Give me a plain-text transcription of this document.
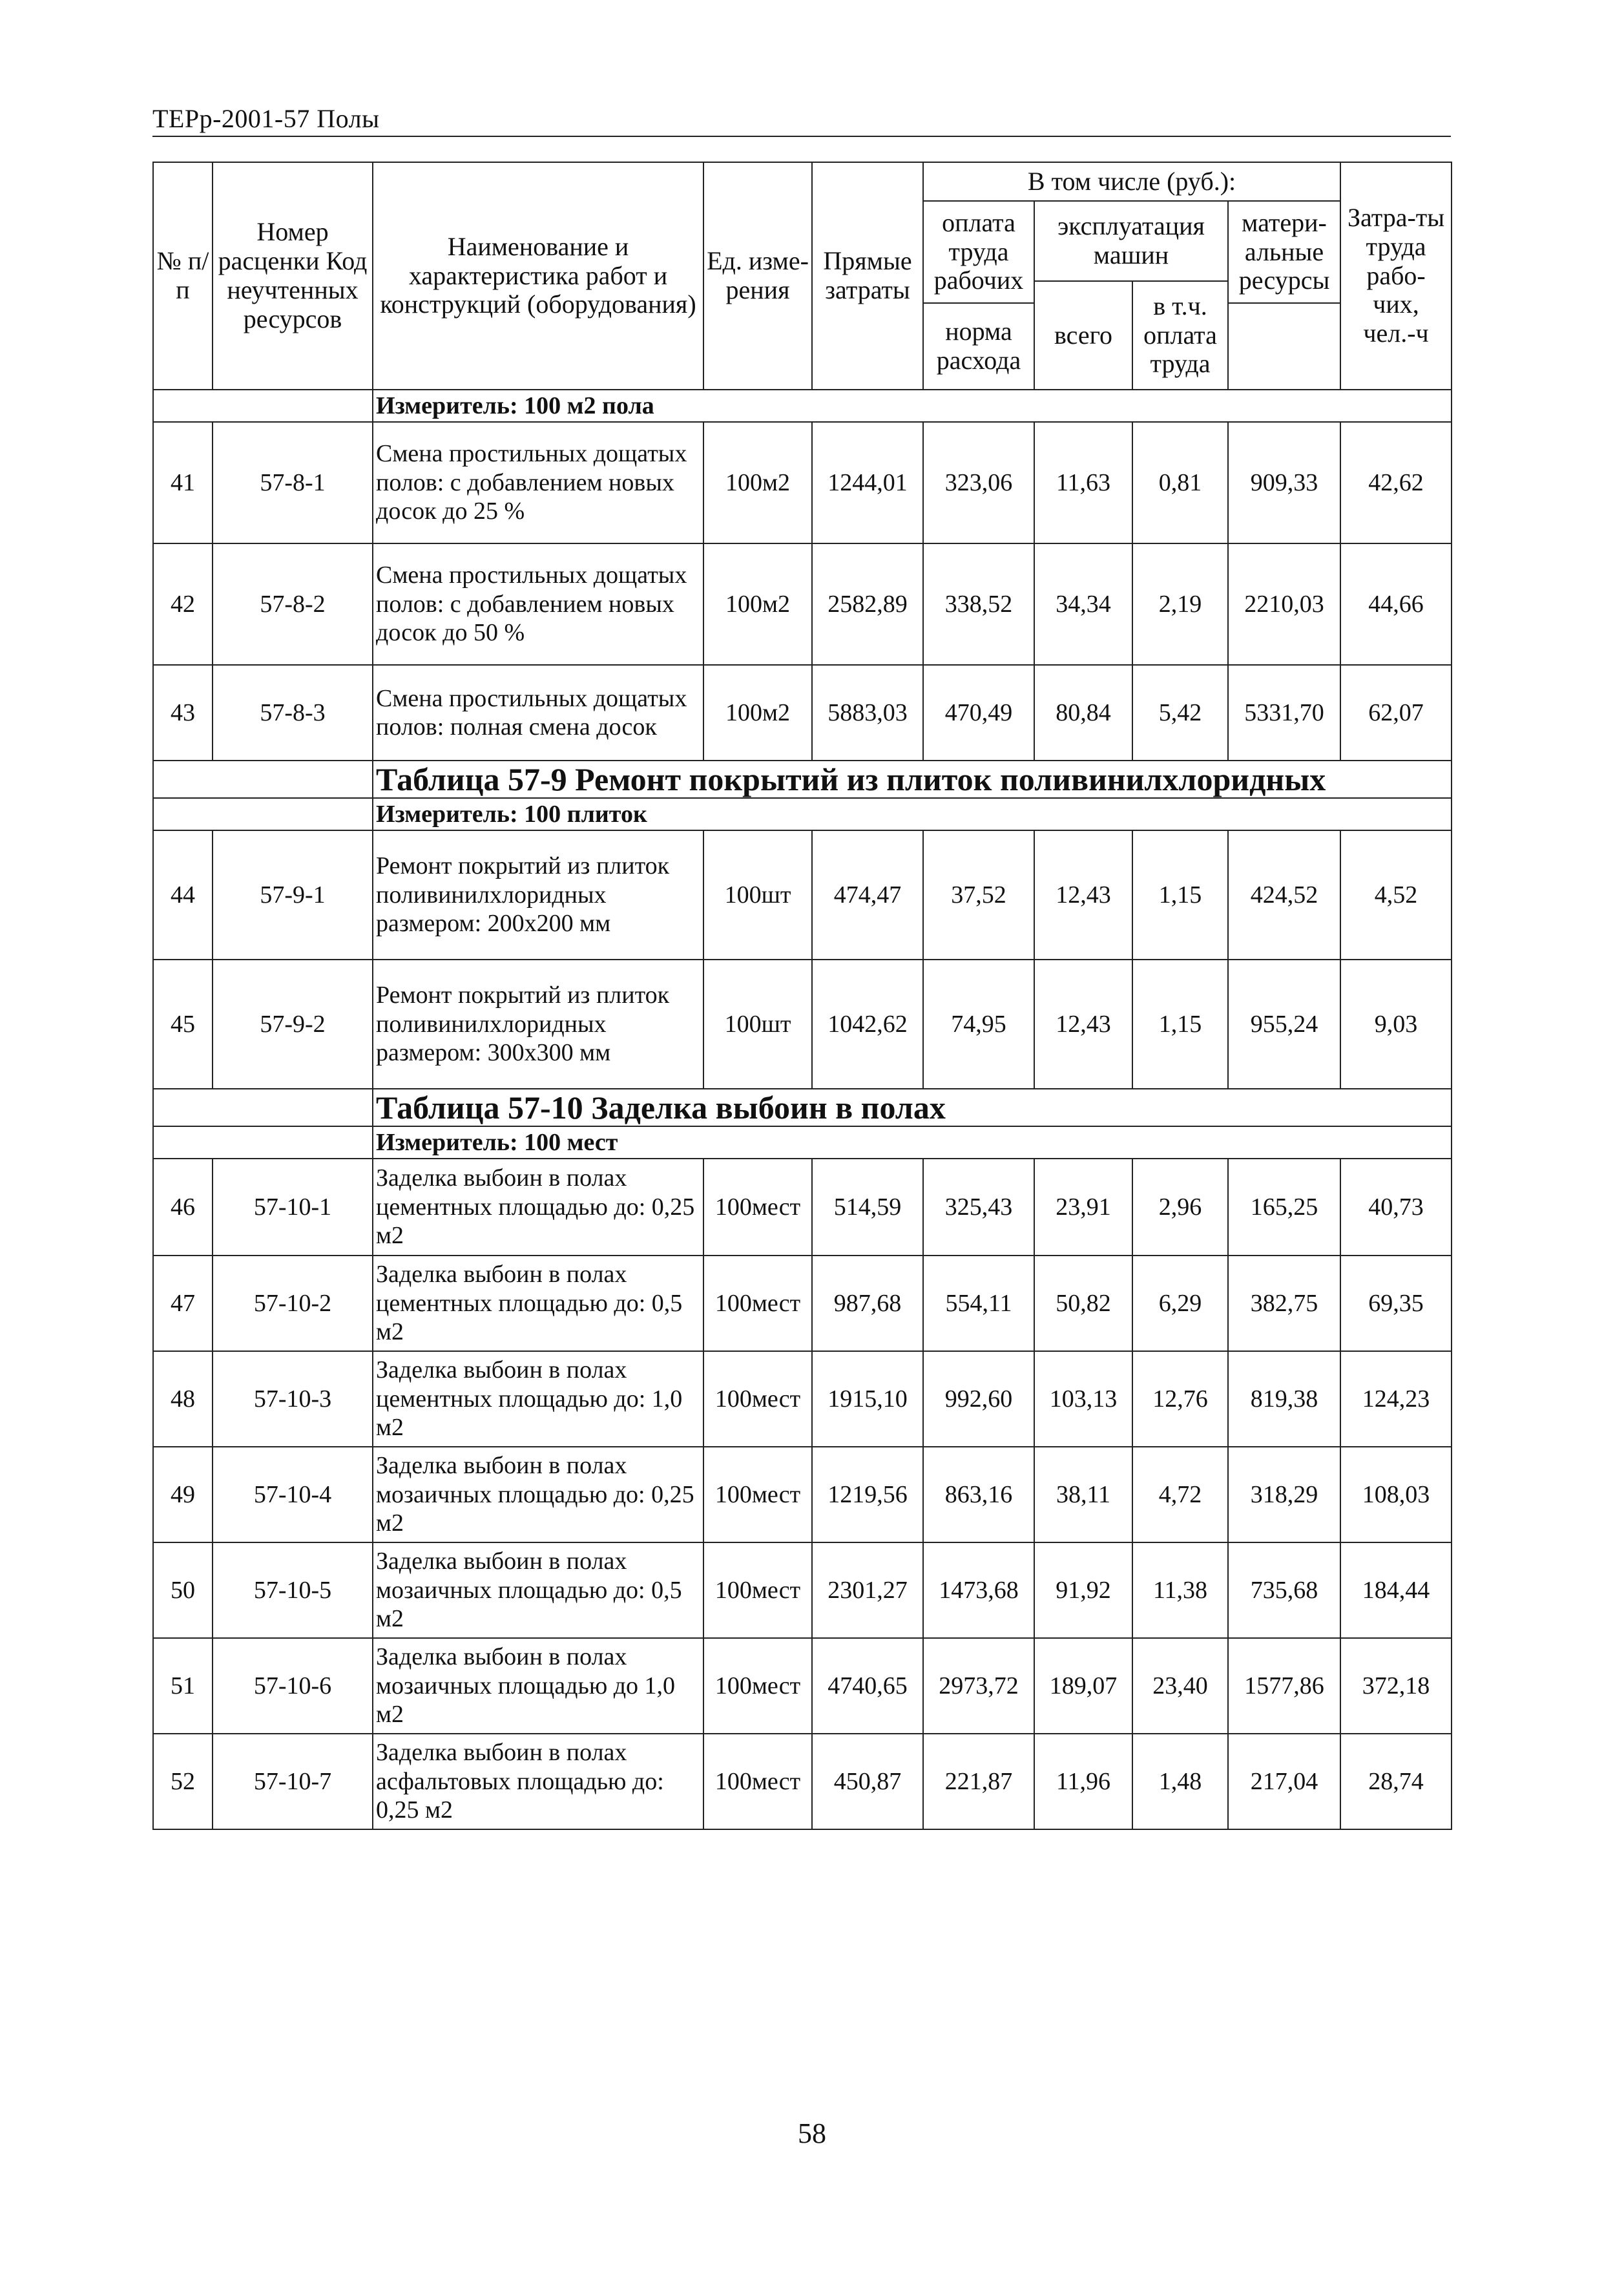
ТЕРр-2001-57 Полы
№ п/п	Номер расценки Код неучтенных ресурсов	Наименование и характеристика работ и конструкций (оборудования)	Ед. изме-рения	Прямые затраты	В том числе (руб.):				Затра-ты труда рабо-чих, чел.-ч
					оплата труда рабочих	эксплуатация машин		матери-альные ресурсы	

						всего	в т.ч. оплата труда		
					норма расхода				
		Измеритель: 100 м2 пола							
41	57-8-1	Смена простильных дощатых полов: с добавлением новых досок до 25 %	100м2	1244,01	323,06	11,63	0,81	909,33	42,62
42	57-8-2	Смена простильных дощатых полов: с добавлением новых досок до 50 %	100м2	2582,89	338,52	34,34	2,19	2210,03	44,66
43	57-8-3	Смена простильных дощатых полов: полная смена досок	100м2	5883,03	470,49	80,84	5,42	5331,70	62,07
		Таблица 57-9 Ремонт покрытий из плиток поливинилхлоридных							
		Измеритель: 100 плиток							
44	57-9-1	Ремонт покрытий из плиток поливинилхлоридных размером: 200х200 мм	100шт	474,47	37,52	12,43	1,15	424,52	4,52
45	57-9-2	Ремонт покрытий из плиток поливинилхлоридных размером: 300х300 мм	100шт	1042,62	74,95	12,43	1,15	955,24	9,03
		Таблица 57-10 Заделка выбоин в полах							
		Измеритель: 100 мест							
46	57-10-1	Заделка выбоин в полах цементных площадью до: 0,25 м2	100мест	514,59	325,43	23,91	2,96	165,25	40,73
47	57-10-2	Заделка выбоин в полах цементных площадью до: 0,5 м2	100мест	987,68	554,11	50,82	6,29	382,75	69,35
48	57-10-3	Заделка выбоин в полах цементных площадью до: 1,0 м2	100мест	1915,10	992,60	103,13	12,76	819,38	124,23
49	57-10-4	Заделка выбоин в полах мозаичных площадью до: 0,25 м2	100мест	1219,56	863,16	38,11	4,72	318,29	108,03
50	57-10-5	Заделка выбоин в полах мозаичных площадью до: 0,5 м2	100мест	2301,27	1473,68	91,92	11,38	735,68	184,44
51	57-10-6	Заделка выбоин в полах мозаичных площадью до 1,0 м2	100мест	4740,65	2973,72	189,07	23,40	1577,86	372,18
52	57-10-7	Заделка выбоин в полах асфальтовых площадью до: 0,25 м2	100мест	450,87	221,87	11,96	1,48	217,04	28,74
58
